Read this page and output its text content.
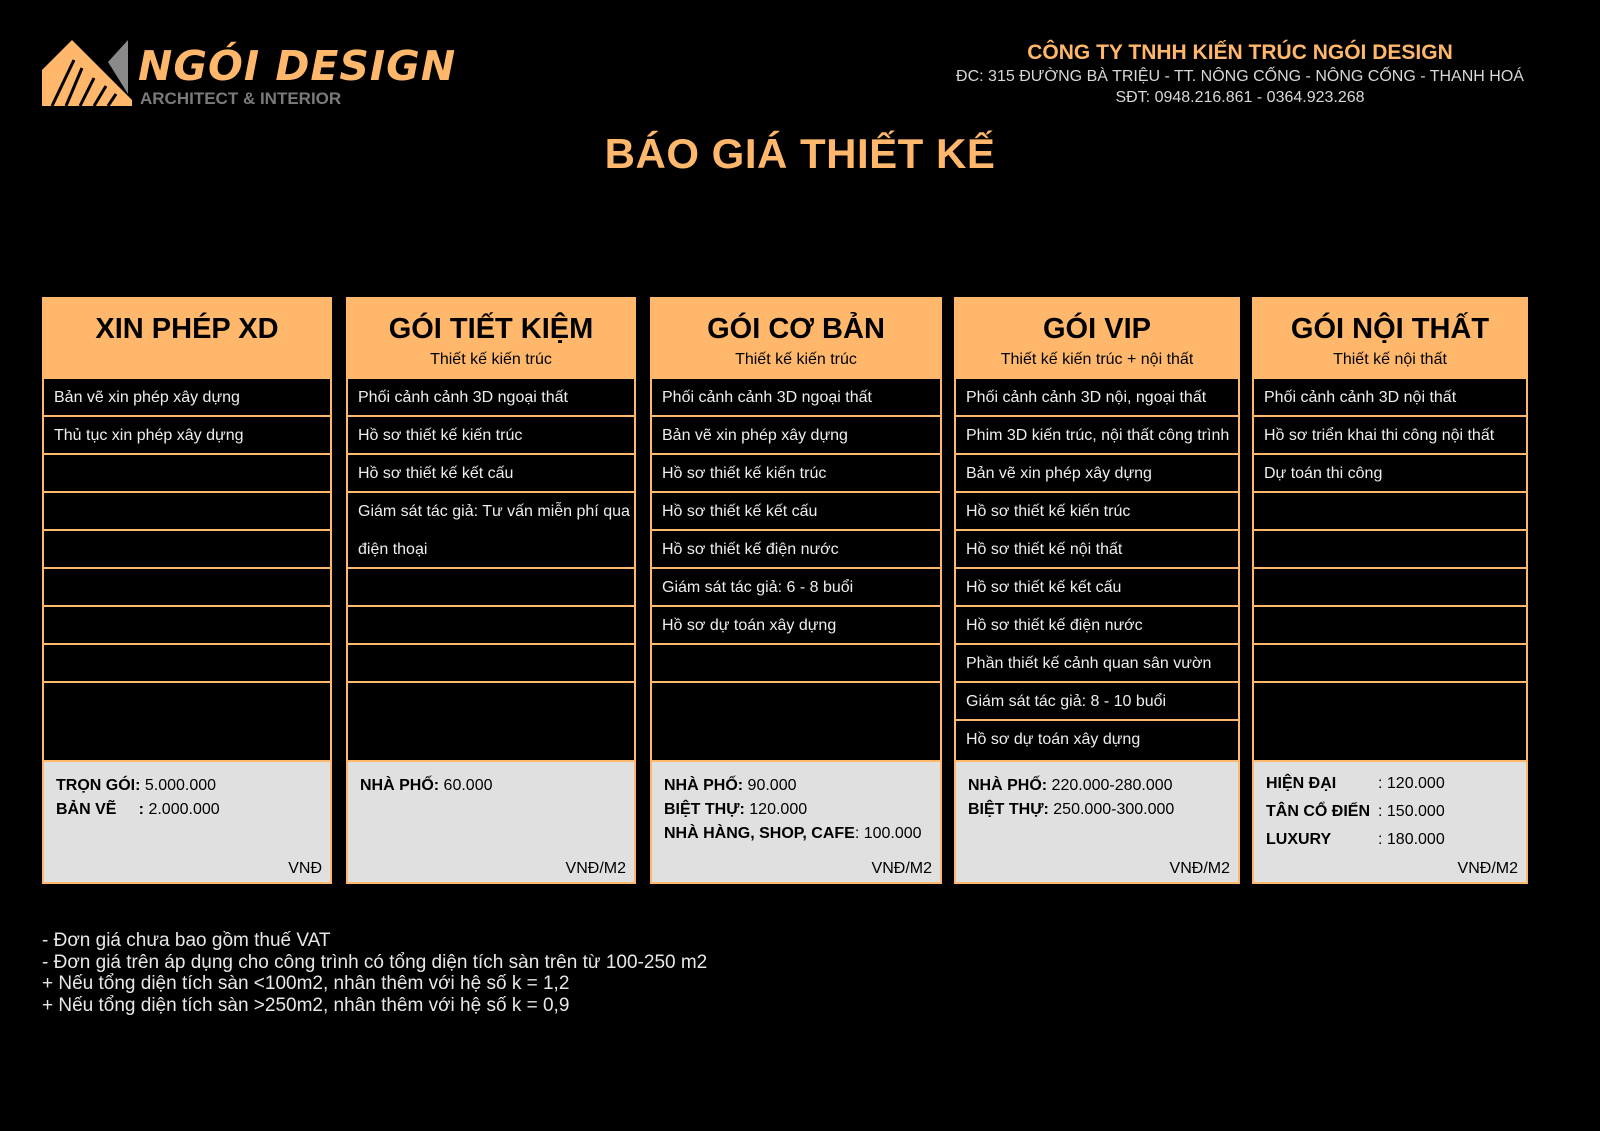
NGÓI DESIGN
ARCHITECT & INTERIOR
CÔNG TY TNHH KIẾN TRÚC NGÓI DESIGN
ĐC: 315 ĐƯỜNG BÀ TRIỆU - TT. NÔNG CỐNG - NÔNG CỐNG - THANH HOÁ
SĐT: 0948.216.861 - 0364.923.268
BÁO GIÁ THIẾT KẾ
XIN PHÉP XD
Bản vẽ xin phép xây dựng
Thủ tục xin phép xây dựng
TRỌN GÓI: 5.000.000
BẢN VẼ     : 2.000.000
VNĐ
GÓI TIẾT KIỆM
Thiết kế kiến trúc
Phối cảnh cảnh 3D ngoại thất
Hồ sơ thiết kế kiến trúc
Hồ sơ thiết kế kết cấu
Giám sát tác giả: Tư vấn miễn phí qua điện thoại
NHÀ PHỐ: 60.000
VNĐ/M2
GÓI CƠ BẢN
Thiết kế kiến trúc
Phối cảnh cảnh 3D ngoại thất
Bản vẽ xin phép xây dựng
Hồ sơ thiết kế kiến trúc
Hồ sơ thiết kế kết cấu
Hồ sơ thiết kế điện nước
Giám sát tác giả: 6 - 8 buổi
Hồ sơ dự toán xây dựng
NHÀ PHỐ: 90.000
BIỆT THỰ: 120.000
NHÀ HÀNG, SHOP, CAFE: 100.000
VNĐ/M2
GÓI VIP
Thiết kế kiến trúc + nội thất
Phối cảnh cảnh 3D nội, ngoại thất
Phim 3D kiến trúc, nội thất công trình
Bản vẽ xin phép xây dựng
Hồ sơ thiết kế kiến trúc
Hồ sơ thiết kế nội thất
Hồ sơ thiết kế kết cấu
Hồ sơ thiết kế điện nước
Phần thiết kế cảnh quan sân vườn
Giám sát tác giả: 8 - 10 buổi
Hồ sơ dự toán xây dựng
NHÀ PHỐ: 220.000-280.000
BIỆT THỰ: 250.000-300.000
VNĐ/M2
GÓI NỘI THẤT
Thiết kế nội thất
Phối cảnh cảnh 3D nội thất
Hồ sơ triển khai thi công nội thất
Dự toán thi công
HIỆN ĐẠI	: 120.000
TÂN CỔ ĐIỂN	: 150.000
LUXURY	: 180.000
VNĐ/M2
- Đơn giá chưa bao gồm thuế VAT
- Đơn giá trên áp dụng cho công trình có tổng diện tích sàn trên từ 100-250 m2
+ Nếu tổng diện tích sàn <100m2, nhân thêm với hệ số k = 1,2
+ Nếu tổng diện tích sàn >250m2, nhân thêm với hệ số k = 0,9
